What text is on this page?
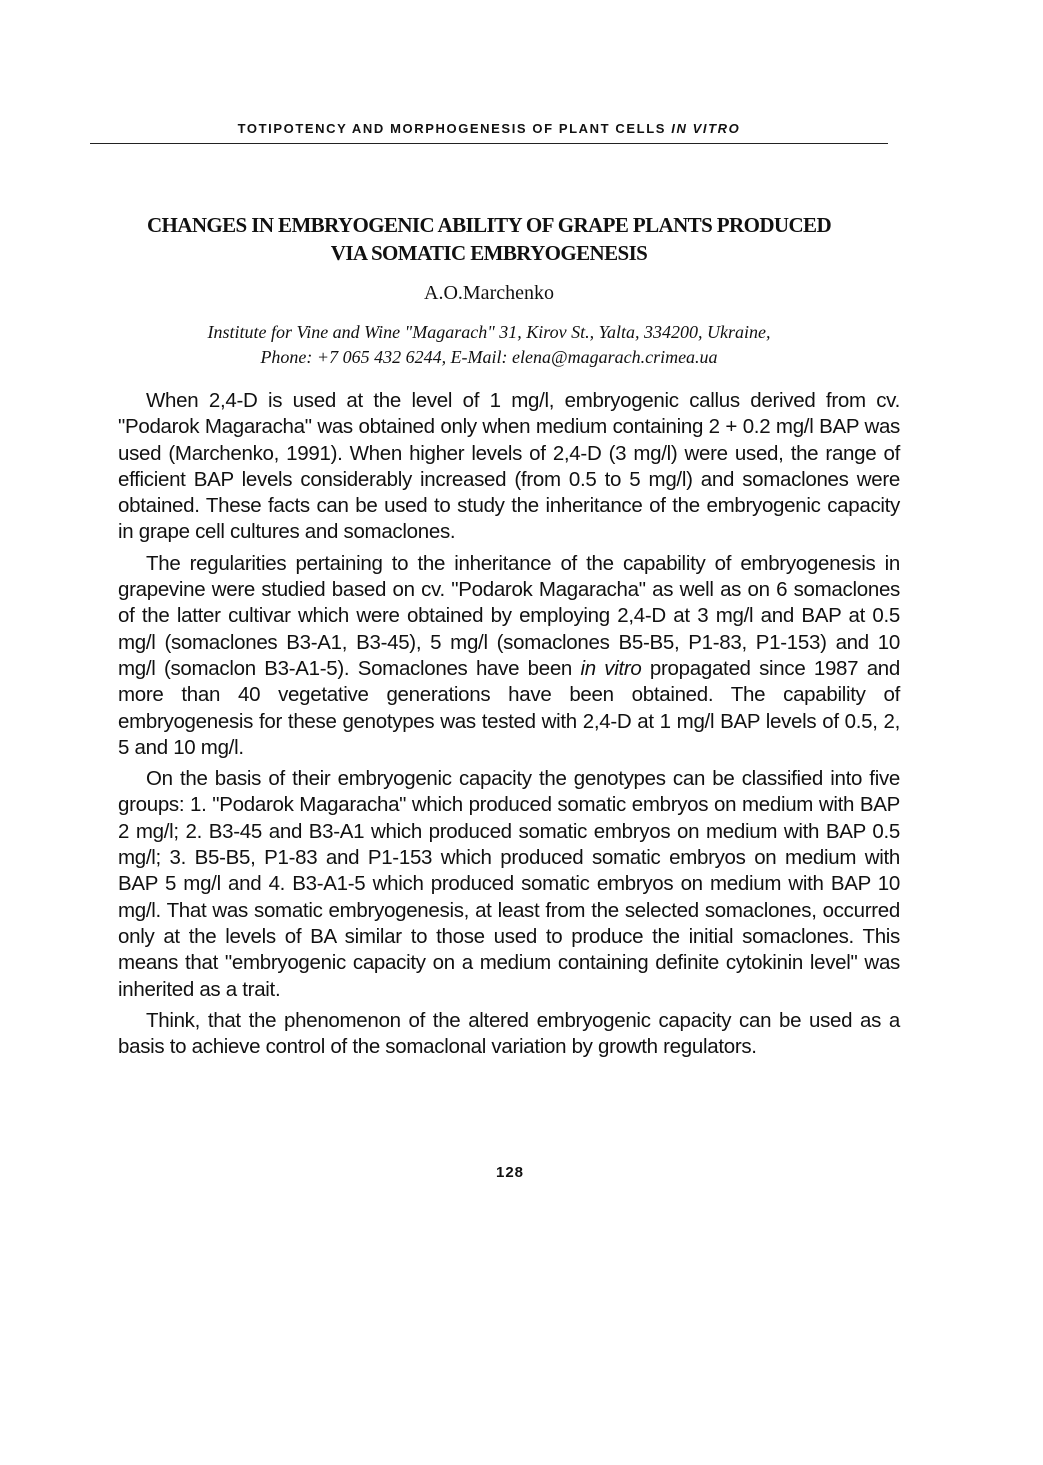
TOTIPOTENCY AND MORPHOGENESIS OF PLANT CELLS IN VITRO
CHANGES IN EMBRYOGENIC ABILITY OF GRAPE PLANTS PRODUCED
VIA SOMATIC EMBRYOGENESIS
A.O.Marchenko
Institute for Vine and Wine "Magarach" 31, Kirov St., Yalta, 334200, Ukraine,
Phone: +7 065 432 6244, E-Mail: elena@magarach.crimea.ua

When 2,4-D is used at the level of 1 mg/l, embryogenic callus derived from cv. "Podarok Magaracha" was obtained only when medium containing 2 + 0.2 mg/l BAP was used (Marchenko, 1991). When higher levels of 2,4-D (3 mg/l) were used, the range of efficient BAP levels considerably increased (from 0.5 to 5 mg/l) and somaclones were obtained. These facts can be used to study the inheritance of the embryogenic capacity in grape cell cultures and somaclones.

The regularities pertaining to the inheritance of the capability of embryogenesis in grapevine were studied based on cv. "Podarok Magaracha" as well as on 6 somaclones of the latter cultivar which were obtained by employing 2,4-D at 3 mg/l and BAP at 0.5 mg/l (somaclones B3-A1, B3-45), 5 mg/l (somaclones B5-B5, P1-83, P1-153) and 10 mg/l (somaclon B3-A1-5). Somaclones have been in vitro propagated since 1987 and more than 40 vegetative generations have been obtained. The capability of embryogenesis for these genotypes was tested with 2,4-D at 1 mg/l BAP levels of 0.5, 2, 5 and 10 mg/l.

On the basis of their embryogenic capacity the genotypes can be classified into five groups: 1. "Podarok Magaracha" which produced somatic embryos on medium with BAP 2 mg/l; 2. B3-45 and B3-A1 which produced somatic embryos on medium with BAP 0.5 mg/l; 3. B5-B5, P1-83 and P1-153 which produced somatic embryos on medium with BAP 5 mg/l and 4. B3-A1-5 which produced somatic embryos on medium with BAP 10 mg/l. That was somatic embryogenesis, at least from the selected somaclones, occurred only at the levels of BA similar to those used to produce the initial somaclones. This means that "embryogenic capacity on a medium containing definite cytokinin level" was inherited as a trait.

Think, that the phenomenon of the altered embryogenic capacity can be used as a basis to achieve control of the somaclonal variation by growth regulators.

128
